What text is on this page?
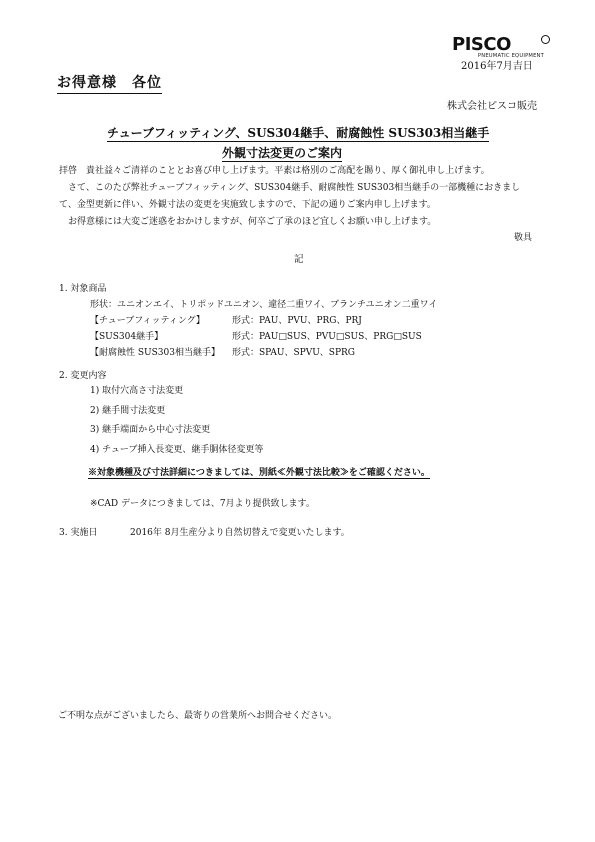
PISCO
PNEUMATIC EQUIPMENT
2016年7月吉日
お得意様　各位
株式会社ピスコ販売
チューブフィッティング、SUS304継手、耐腐蝕性 SUS303相当継手
外観寸法変更のご案内
拝啓　貴社益々ご清祥のこととお喜び申し上げます。平素は格別のご高配を賜り、厚く御礼申し上げます。
　さて、このたび弊社チューブフィッティング、SUS304継手、耐腐蝕性 SUS303相当継手の一部機種におきまし
て、金型更新に伴い、外観寸法の変更を実施致しますので、下記の通りご案内申し上げます。
　お得意様には大変ご迷惑をおかけしますが、何卒ご了承のほど宜しくお願い申し上げます。
敬具
記
1. 対象商品
形状：ユニオンエイ、トリポッドユニオン、違径二重ワイ、ブランチユニオン二重ワイ
【チューブフィッティング】	形式：PAU、PVU、PRG、PRJ
【SUS304継手】	形式：PAU□SUS、PVU□SUS、PRG□SUS
【耐腐蝕性 SUS303相当継手】 形式：SPAU、SPVU、SPRG
2. 変更内容
1) 取付穴高さ寸法変更
2) 継手間寸法変更
3) 継手端面から中心寸法変更
4) チューブ挿入長変更、継手胴体径変更等
※対象機種及び寸法詳細につきましては、別紙≪外観寸法比較≫をご確認ください。
※CAD データにつきましては、7月より提供致します。
3. 実施日	2016年 8月生産分より自然切替えで変更いたします。
ご不明な点がございましたら、最寄りの営業所へお問合せください。
